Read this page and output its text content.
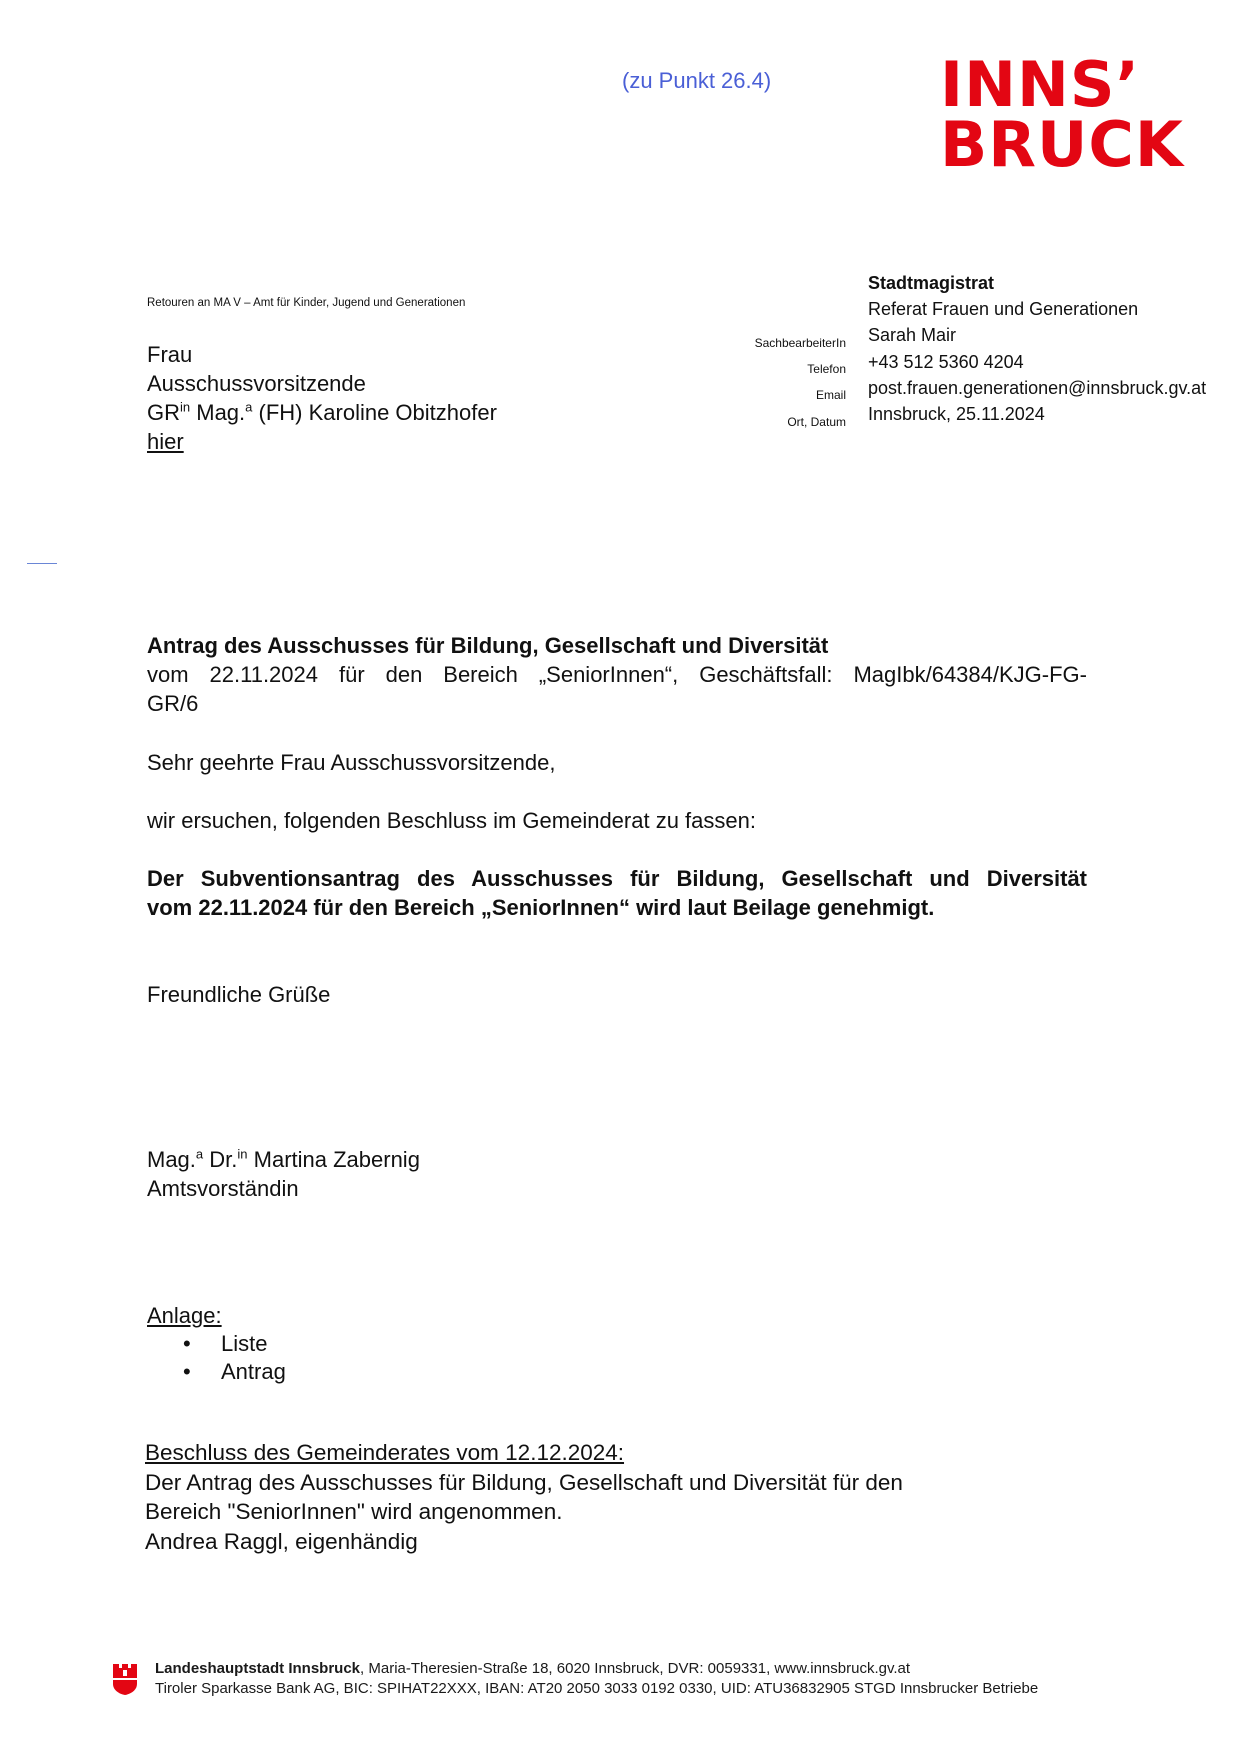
(zu Punkt 26.4)	INNS’
BRUCK
Retouren an MA V – Amt für Kinder, Jugend und Generationen
Frau
Ausschussvorsitzende
$GR^{in}$ Mag.$^a$ (FH) Karoline Obitzhofer
hier
SachbearbeiterIn
Telefon
Email
Ort, Datum
Stadtmagistrat
Referat Frauen und Generationen
Sarah Mair
+43 512 5360 4204
post.frauen.generationen@innsbruck.gv.at
Innsbruck, 25.11.2024
Antrag des Ausschusses für Bildung, Gesellschaft und Diversität
vom 22.11.2024 für den Bereich „SeniorInnen“, Geschäftsfall: MagIbk/64384/KJG-FG-
GR/6
Sehr geehrte Frau Ausschussvorsitzende,
wir ersuchen, folgenden Beschluss im Gemeinderat zu fassen:
Der Subventionsantrag des Ausschusses für Bildung, Gesellschaft und Diversität
vom 22.11.2024 für den Bereich „SeniorInnen“ wird laut Beilage genehmigt.
Freundliche Grüße
Mag.$^a$ Dr.$^{in}$ Martina Zabernig
Amtsvorständin
Anlage:
• Liste
• Antrag
Beschluss des Gemeinderates vom 12.12.2024:
Der Antrag des Ausschusses für Bildung, Gesellschaft und Diversität für den
Bereich "SeniorInnen" wird angenommen.
Andrea Raggl, eigenhändig
Landeshauptstadt Innsbruck, Maria-Theresien-Straße 18, 6020 Innsbruck, DVR: 0059331, www.innsbruck.gv.at
Tiroler Sparkasse Bank AG, BIC: SPIHAT22XXX, IBAN: AT20 2050 3033 0192 0330, UID: ATU36832905 STGD Innsbrucker Betriebe
